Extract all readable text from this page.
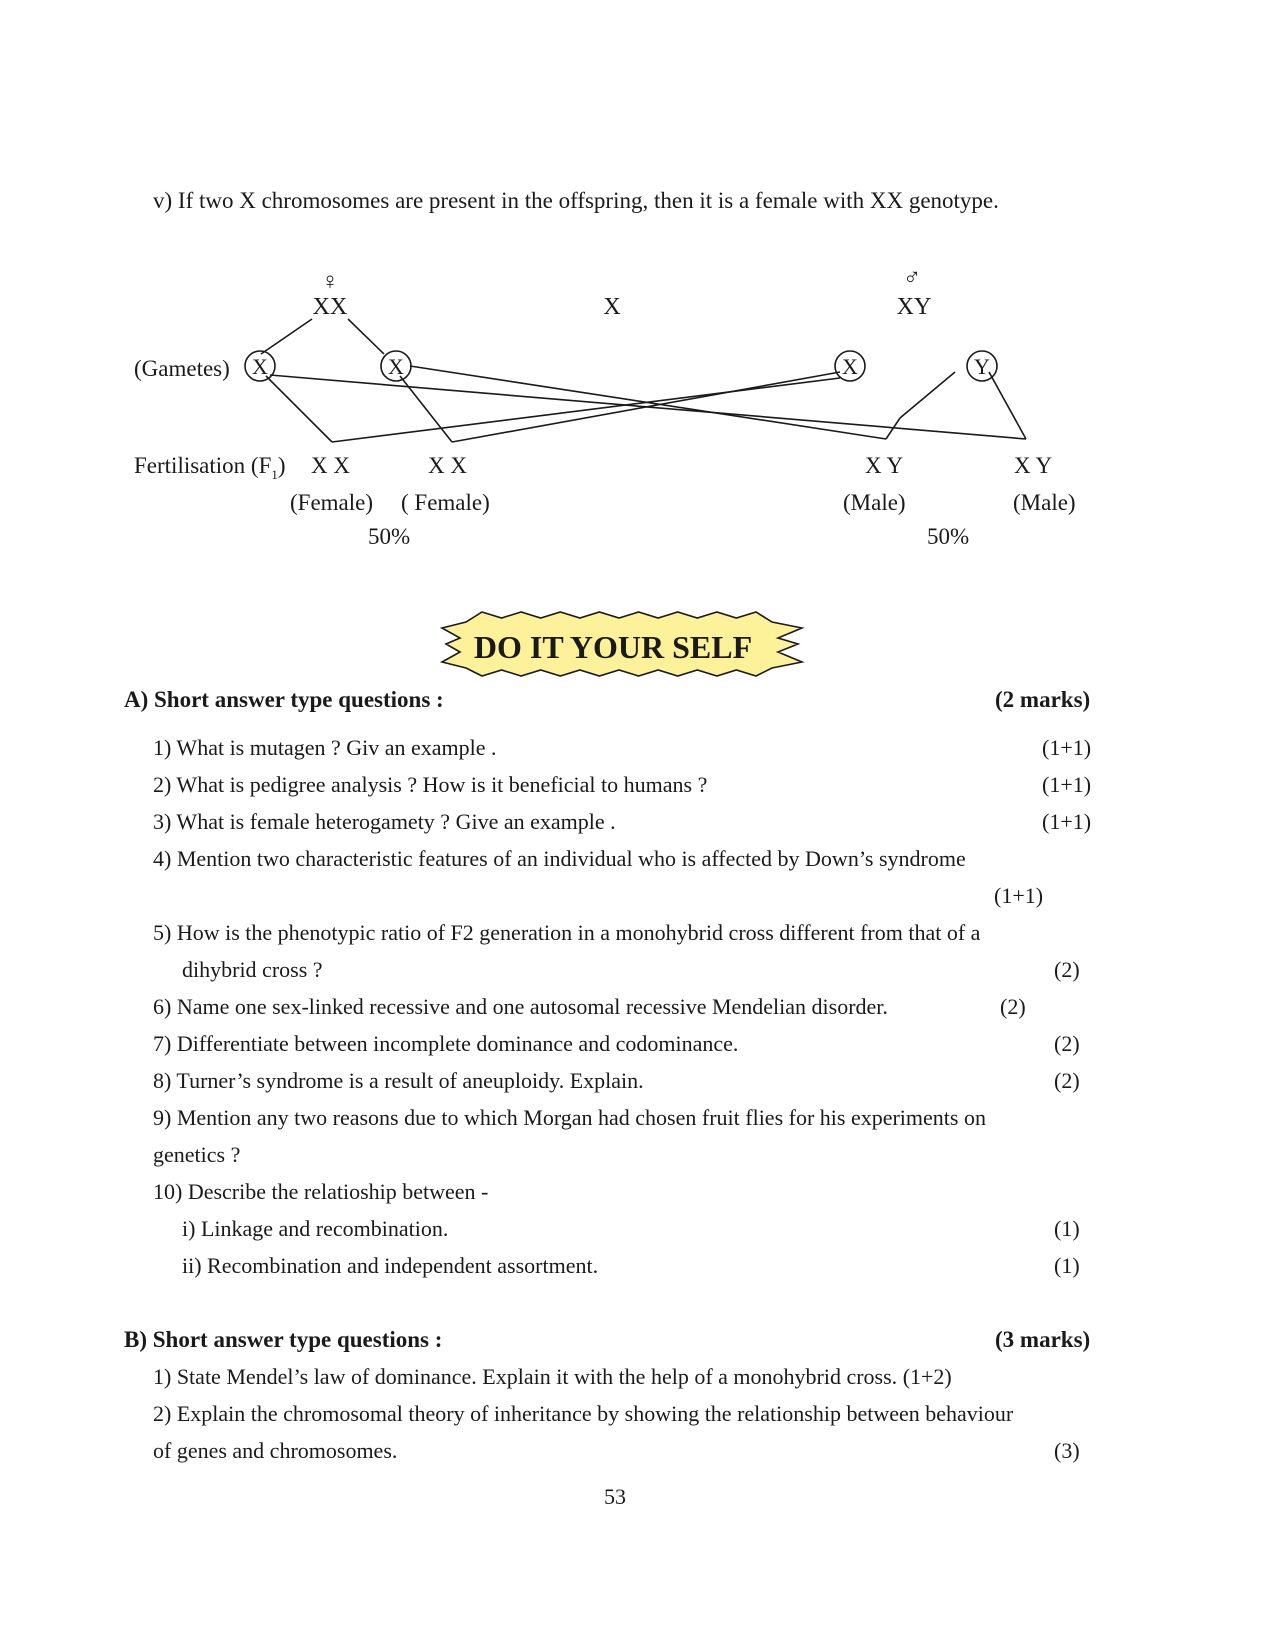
v) If two X chromosomes are present in the offspring, then it is a female with XX genotype.
♀
XX	X
♂
XY
(Gametes) X	X	X	Y
Fertilisation $(F_1)$ X X	X X	X Y	X Y
(Female) ( Female)	(Male)	(Male)
50%	50%
DO IT YOUR SELF
A) Short answer type questions :	(2 marks)
1) What is mutagen ? Giv an example .	(1+1)
2) What is pedigree analysis ? How is it beneficial to humans ?	(1+1)
3) What is female heterogamety ? Give an example .	(1+1)
4) Mention two characteristic features of an individual who is affected by Down’s syndrome
(1+1)
5) How is the phenotypic ratio of F2 generation in a monohybrid cross different from that of a
dihybrid cross ?	(2)
6) Name one sex-linked recessive and one autosomal recessive Mendelian disorder.	(2)
7) Differentiate between incomplete dominance and codominance.	(2)
8) Turner’s syndrome is a result of aneuploidy. Explain.	(2)
9) Mention any two reasons due to which Morgan had chosen fruit flies for his experiments on
genetics ?
10) Describe the relatioship between -
i) Linkage and recombination.	(1)
ii) Recombination and independent assortment.	(1)
B) Short answer type questions :	(3 marks)
1) State Mendel’s law of dominance. Explain it with the help of a monohybrid cross. (1+2)
2) Explain the chromosomal theory of inheritance by showing the relationship between behaviour
of genes and chromosomes.	(3)
53
